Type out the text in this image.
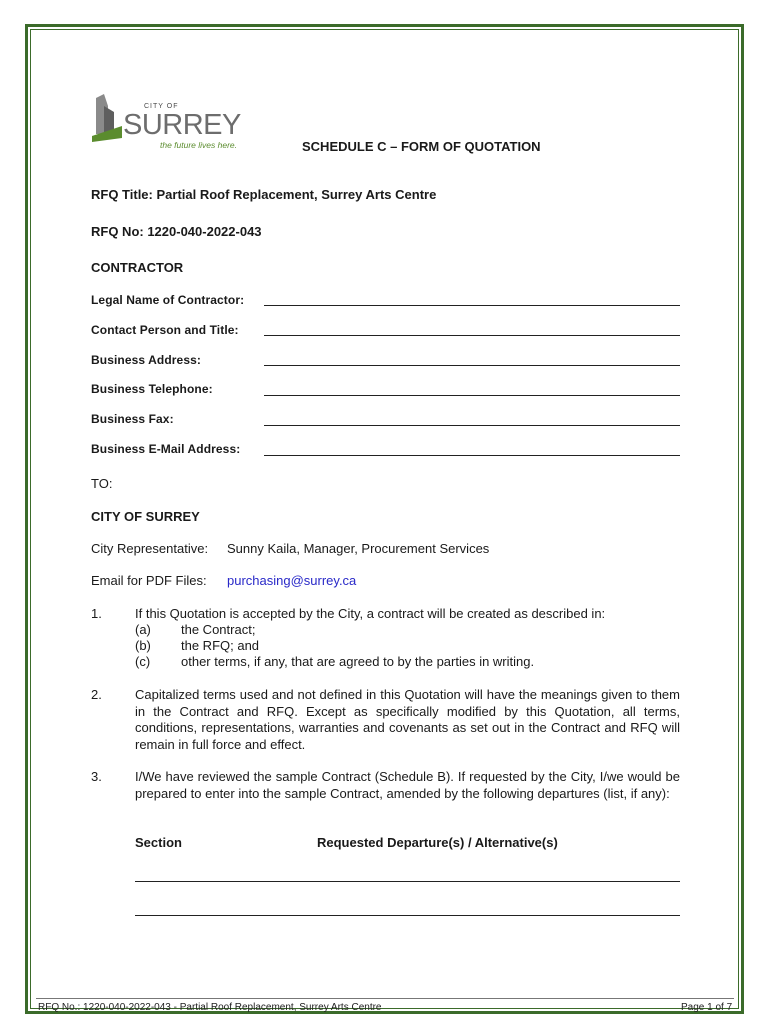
CITY OF
SURREY
the future lives here.	SCHEDULE C – FORM OF QUOTATION
RFQ Title: Partial Roof Replacement, Surrey Arts Centre
RFQ No: 1220-040-2022-043
CONTRACTOR
Legal Name of Contractor:
Contact Person and Title:
Business Address:
Business Telephone:
Business Fax:
Business E-Mail Address:
TO:
CITY OF SURREY
City Representative: Sunny Kaila, Manager, Procurement Services
Email for PDF Files: purchasing@surrey.ca
1.	If this Quotation is accepted by the City, a contract will be created as described in:
(a) the Contract;
(b) the RFQ; and
(c) other terms, if any, that are agreed to by the parties in writing.
2.	Capitalized terms used and not defined in this Quotation will have the meanings given to them in the Contract and RFQ. Except as specifically modified by this Quotation, all terms, conditions, representations, warranties and covenants as set out in the Contract and RFQ will remain in full force and effect.
3.	I/We have reviewed the sample Contract (Schedule B). If requested by the City, I/we would be prepared to enter into the sample Contract, amended by the following departures (list, if any):
Section	Requested Departure(s) / Alternative(s)
RFQ No.: 1220-040-2022-043 - Partial Roof Replacement, Surrey Arts Centre	Page 1 of 7
